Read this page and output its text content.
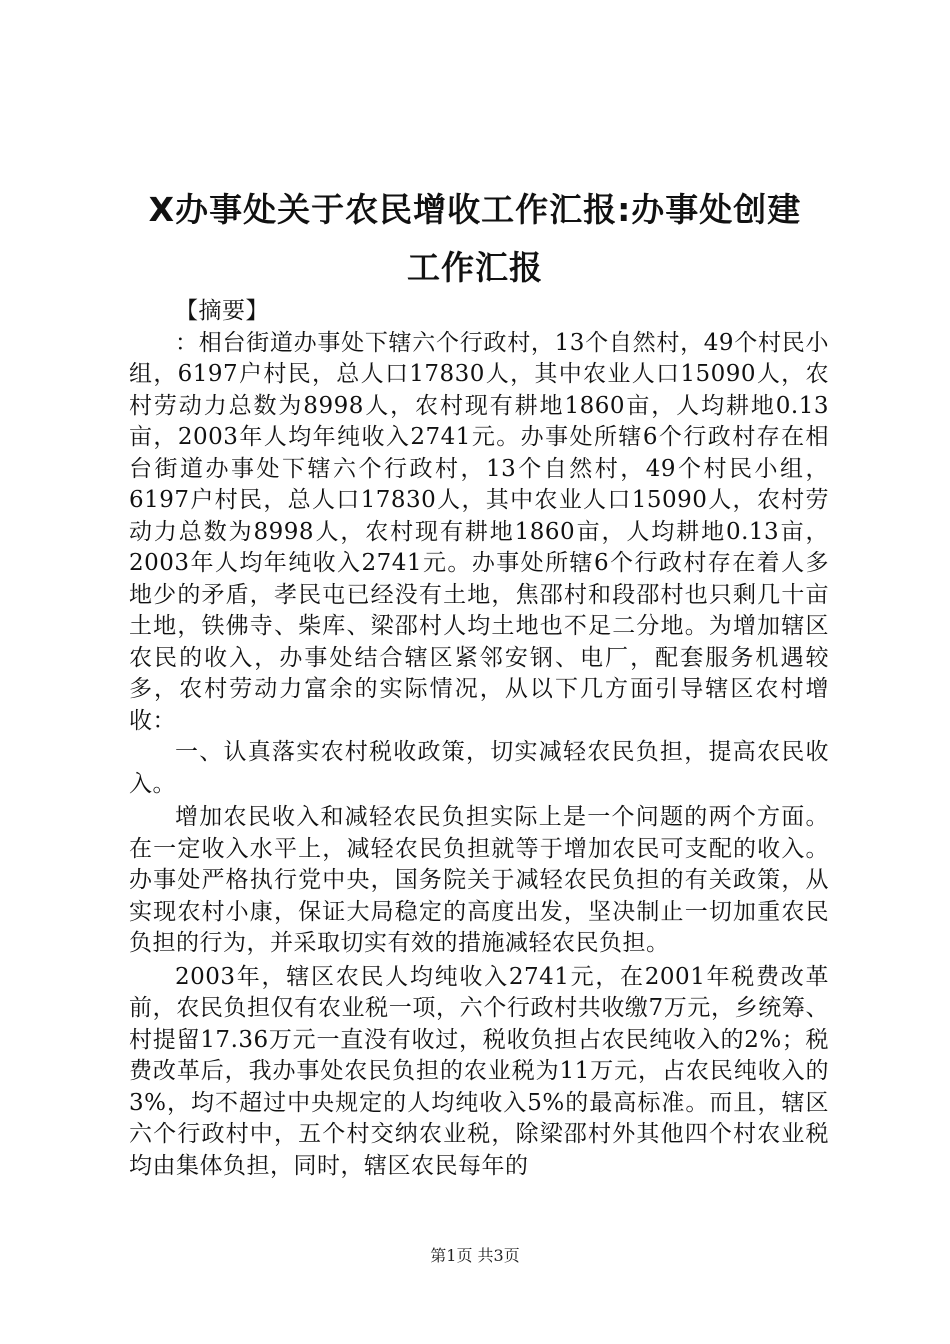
X办事处关于农民增收工作汇报:办事处创建
工作汇报

【摘要】

：相台街道办事处下辖六个行政村，13个自然村，49个村民小组，6197户村民，总人口17830人，其中农业人口15090人，农村劳动力总数为8998人，农村现有耕地1860亩，人均耕地0.13亩，2003年人均年纯收入2741元。办事处所辖6个行政村存在相台街道办事处下辖六个行政村，13个自然村，49个村民小组，6197户村民，总人口17830人，其中农业人口15090人，农村劳动力总数为8998人，农村现有耕地1860亩，人均耕地0.13亩，2003年人均年纯收入2741元。办事处所辖6个行政村存在着人多地少的矛盾，孝民屯已经没有土地，焦邵村和段邵村也只剩几十亩土地，铁佛寺、柴库、梁邵村人均土地也不足二分地。为增加辖区农民的收入，办事处结合辖区紧邻安钢、电厂，配套服务机遇较多，农村劳动力富余的实际情况，从以下几方面引导辖区农村增收：

一、认真落实农村税收政策，切实减轻农民负担，提高农民收入。

增加农民收入和减轻农民负担实际上是一个问题的两个方面。在一定收入水平上，减轻农民负担就等于增加农民可支配的收入。办事处严格执行党中央，国务院关于减轻农民负担的有关政策，从实现农村小康，保证大局稳定的高度出发，坚决制止一切加重农民负担的行为，并采取切实有效的措施减轻农民负担。

2003年，辖区农民人均纯收入2741元，在2001年税费改革前，农民负担仅有农业税一项，六个行政村共收缴7万元，乡统筹、村提留17.36万元一直没有收过，税收负担占农民纯收入的2%；税费改革后，我办事处农民负担的农业税为11万元，占农民纯收入的3%，均不超过中央规定的人均纯收入5%的最高标准。而且，辖区六个行政村中，五个村交纳农业税，除梁邵村外其他四个村农业税均由集体负担，同时，辖区农民每年的

第1页 共3页
